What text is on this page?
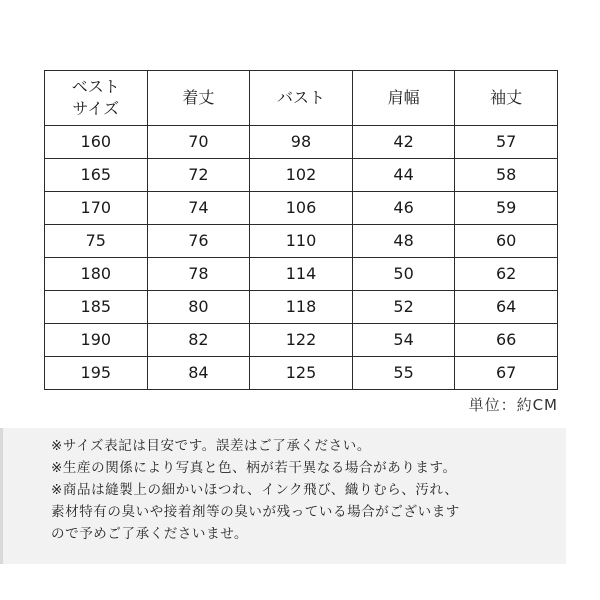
ベスト
サイズ	着丈	バスト	肩幅	袖丈
160	70	98	42	57
165	72	102	44	58
170	74	106	46	59
75	76	110	48	60
180	78	114	50	62
185	80	118	52	64
190	82	122	54	66
195	84	125	55	67
単位：約CM
※サイズ表記は目安です。誤差はご了承ください。
※生産の関係により写真と色、柄が若干異なる場合があります。
※商品は縫製上の細かいほつれ、インク飛び、織りむら、汚れ、
素材特有の臭いや接着剤等の臭いが残っている場合がございます
ので予めご了承くださいませ。
